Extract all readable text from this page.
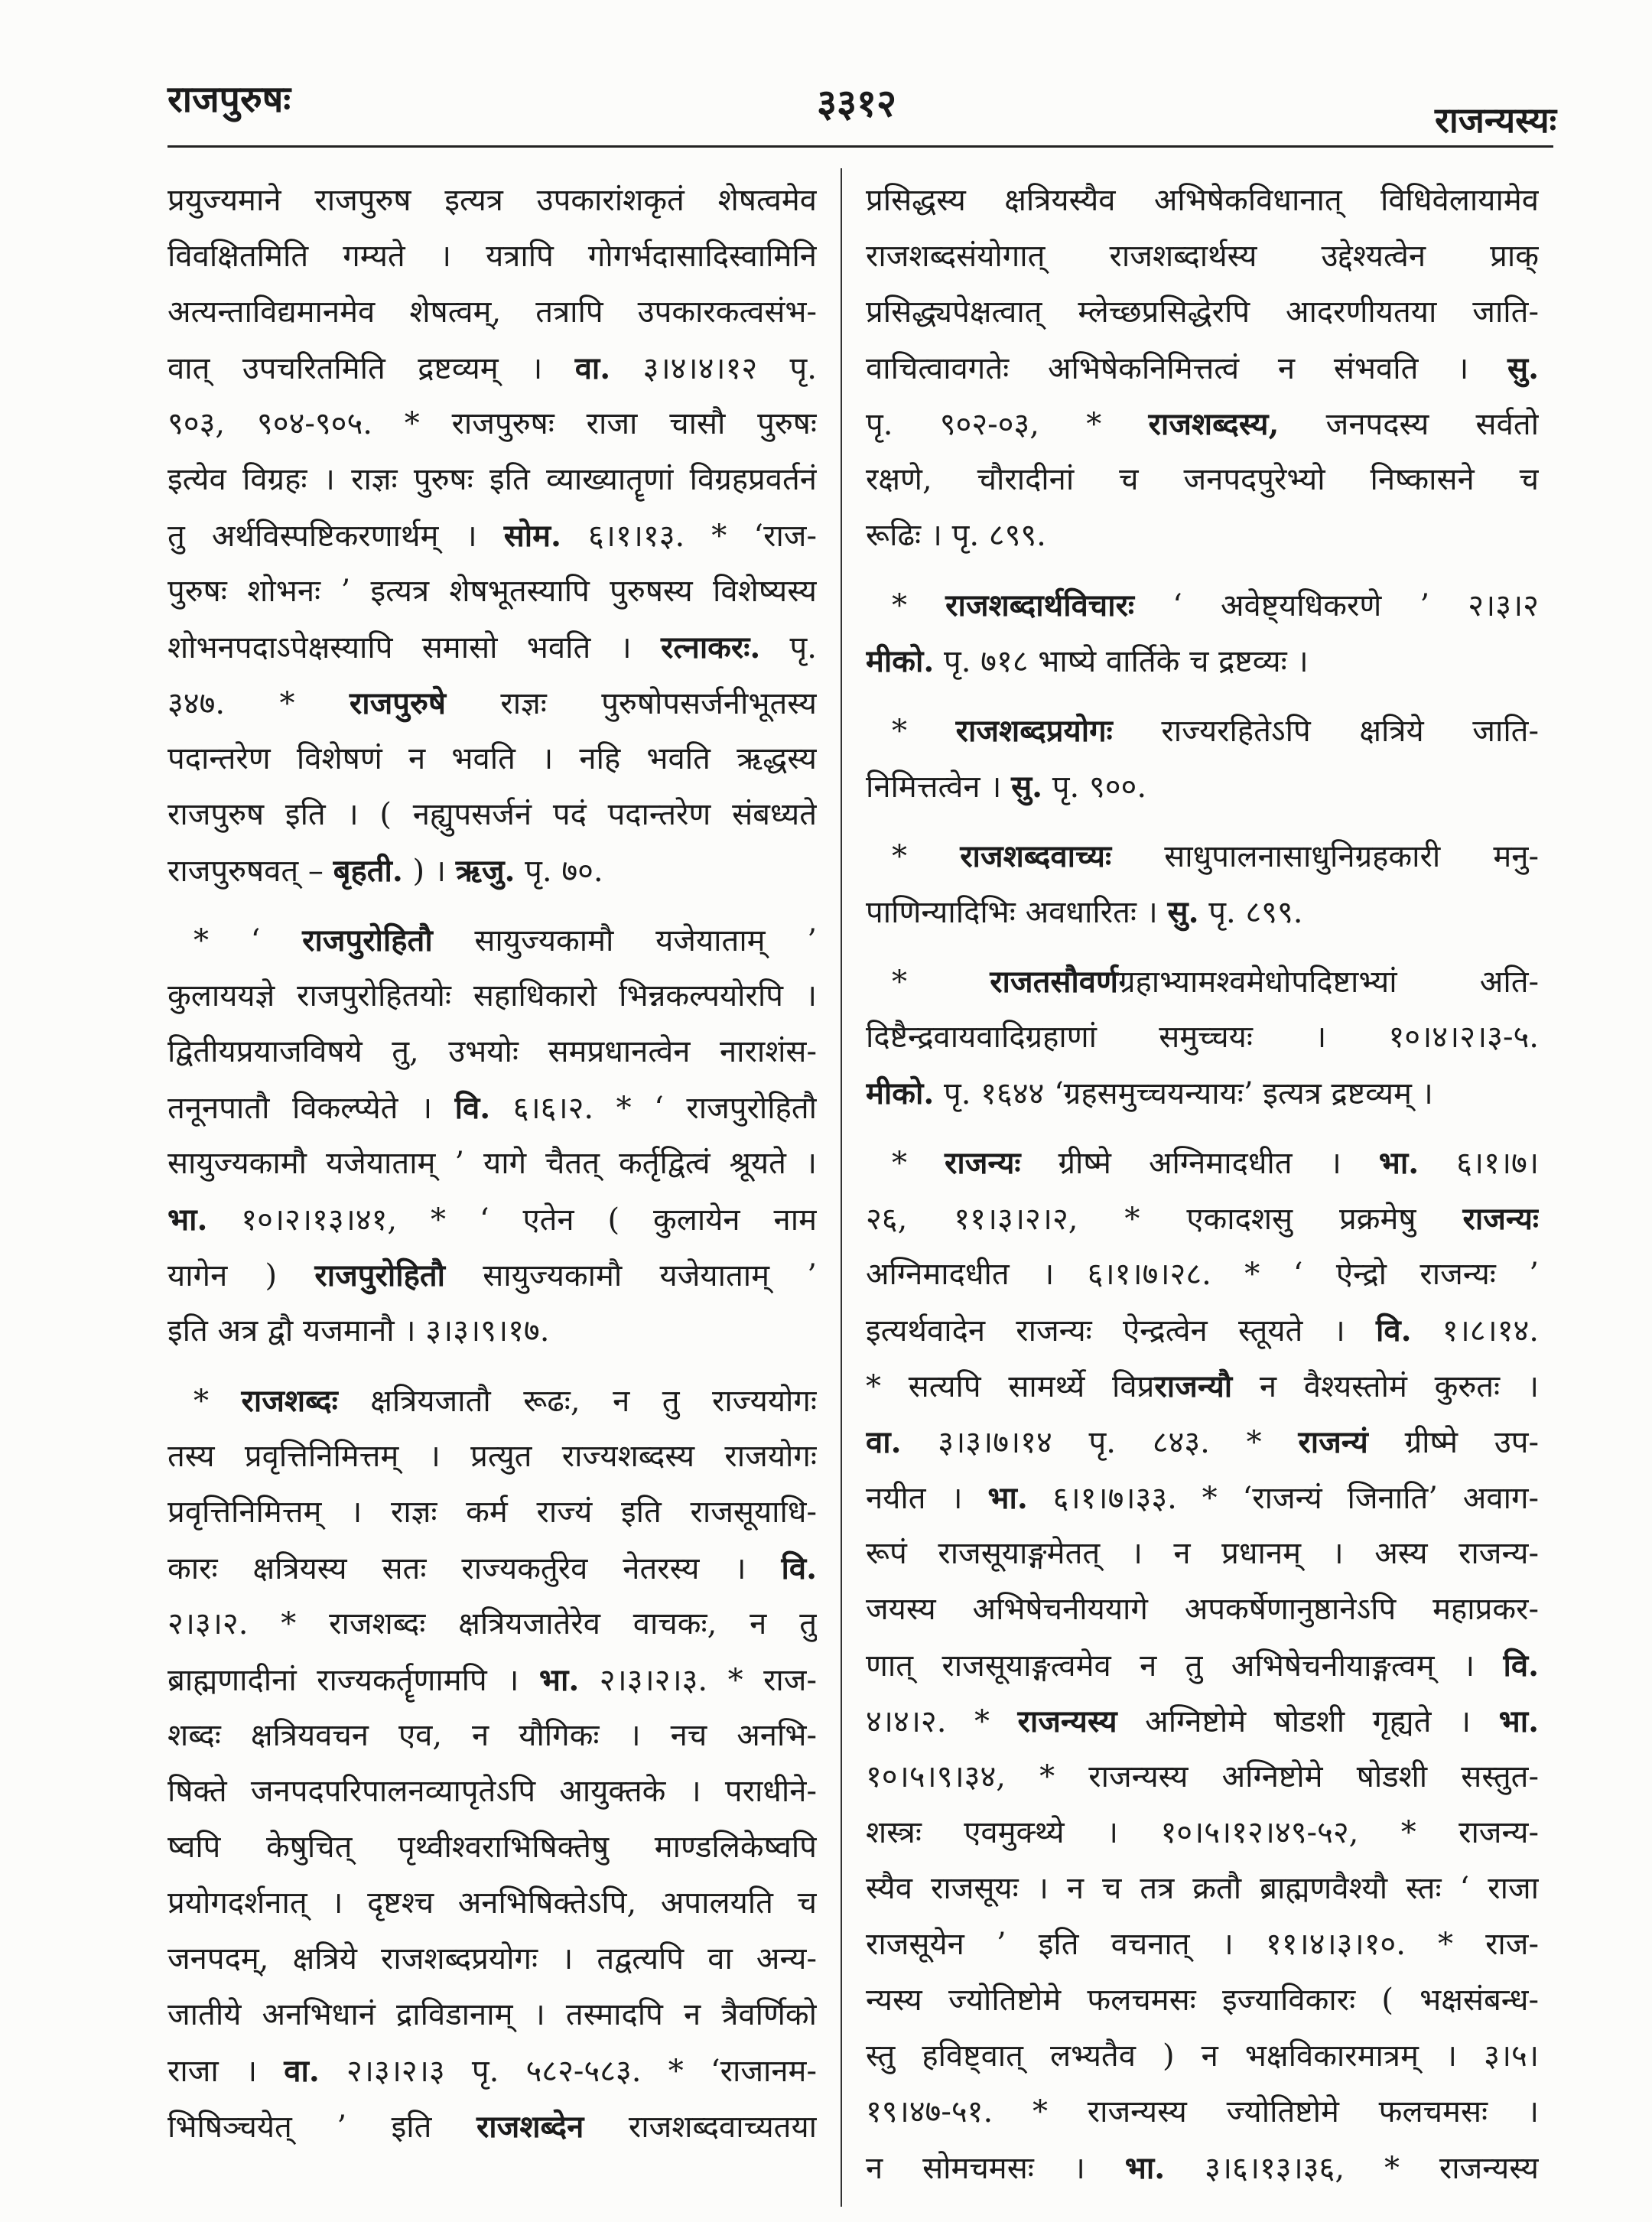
राजपुरुषः	३३१२	राजन्यस्यः
प्रयुज्यमाने राजपुरुष इत्यत्र उपकारांशकृतं शेषत्वमेव
विवक्षितमिति गम्यते । यत्रापि गोगर्भदासादिस्वामिनि
अत्यन्ताविद्यमानमेव शेषत्वम्, तत्रापि उपकारकत्वसंभ-
वात् उपचरितमिति द्रष्टव्यम् । वा. ३।४।४।१२ पृ.
९०३, ९०४-९०५. * राजपुरुषः राजा चासौ पुरुषः
इत्येव विग्रहः । राज्ञः पुरुषः इति व्याख्यातॄणां विग्रहप्रवर्तनं
तु अर्थविस्पष्टिकरणार्थम् । सोम. ६।१।१३. * ‘राज-
पुरुषः शोभनः ’ इत्यत्र शेषभूतस्यापि पुरुषस्य विशेष्यस्य
शोभनपदाऽपेक्षस्यापि समासो भवति । रत्नाकरः. पृ.
३४७. * राजपुरुषे राज्ञः पुरुषोपसर्जनीभूतस्य
पदान्तरेण विशेषणं न भवति । नहि भवति ऋद्धस्य
राजपुरुष इति । ( नह्युपसर्जनं पदं पदान्तरेण संबध्यते
राजपुरुषवत् – बृहती. ) । ऋजु. पृ. ७०.
* ‘ राजपुरोहितौ सायुज्यकामौ यजेयाताम् ’
कुलाययज्ञे राजपुरोहितयोः सहाधिकारो भिन्नकल्पयोरपि ।
द्वितीयप्रयाजविषये तु, उभयोः समप्रधानत्वेन नाराशंस-
तनूनपातौ विकल्प्येते । वि. ६।६।२. * ‘ राजपुरोहितौ
सायुज्यकामौ यजेयाताम् ’ यागे चैतत् कर्तृद्वित्वं श्रूयते ।
भा. १०।२।१३।४१, * ‘ एतेन ( कुलायेन नाम
यागेन ) राजपुरोहितौ सायुज्यकामौ यजेयाताम् ’
इति अत्र द्वौ यजमानौ । ३।३।९।१७.
* राजशब्दः क्षत्रियजातौ रूढः, न तु राज्ययोगः
तस्य प्रवृत्तिनिमित्तम् । प्रत्युत राज्यशब्दस्य राजयोगः
प्रवृत्तिनिमित्तम् । राज्ञः कर्म राज्यं इति राजसूयाधि-
कारः क्षत्रियस्य सतः राज्यकर्तुरेव नेतरस्य । वि.
२।३।२. * राजशब्दः क्षत्रियजातेरेव वाचकः, न तु
ब्राह्मणादीनां राज्यकर्तॄणामपि । भा. २।३।२।३. * राज-
शब्दः क्षत्रियवचन एव, न यौगिकः । नच अनभि-
षिक्ते जनपदपरिपालनव्यापृतेऽपि आयुक्तके । पराधीने-
ष्वपि केषुचित् पृथ्वीश्वराभिषिक्तेषु माण्डलिकेष्वपि
प्रयोगदर्शनात् । दृष्टश्च अनभिषिक्तेऽपि, अपालयति च
जनपदम्, क्षत्रिये राजशब्दप्रयोगः । तद्वत्यपि वा अन्य-
जातीये अनभिधानं द्राविडानाम् । तस्मादपि न त्रैवर्णिको
राजा । वा. २।३।२।३ पृ. ५८२-५८३. * ‘राजानम-
भिषिञ्चयेत् ’ इति राजशब्देन राजशब्दवाच्यतया
प्रसिद्धस्य क्षत्रियस्यैव अभिषेकविधानात् विधिवेलायामेव
राजशब्दसंयोगात् राजशब्दार्थस्य उद्देश्यत्वेन प्राक्
प्रसिद्ध्यपेक्षत्वात् म्लेच्छप्रसिद्धेरपि आदरणीयतया जाति-
वाचित्वावगतेः अभिषेकनिमित्तत्वं न संभवति । सु.
पृ. ९०२-०३, * राजशब्दस्य, जनपदस्य सर्वतो
रक्षणे, चौरादीनां च जनपदपुरेभ्यो निष्कासने च
रूढिः । पृ. ८९९.
* राजशब्दार्थविचारः ‘ अवेष्ट्यधिकरणे ’ २।३।२
मीको. पृ. ७१८ भाष्ये वार्तिके च द्रष्टव्यः ।
* राजशब्दप्रयोगः राज्यरहितेऽपि क्षत्रिये जाति-
निमित्तत्वेन । सु. पृ. ९००.
* राजशब्दवाच्यः साधुपालनासाधुनिग्रहकारी मनु-
पाणिन्यादिभिः अवधारितः । सु. पृ. ८९९.
* राजतसौवर्णग्रहाभ्यामश्वमेधोपदिष्टाभ्यां अति-
दिष्टैन्द्रवायवादिग्रहाणां समुच्चयः । १०।४।२।३-५.
मीको. पृ. १६४४ ‘ग्रहसमुच्चयन्यायः’ इत्यत्र द्रष्टव्यम् ।
* राजन्यः ग्रीष्मे अग्निमादधीत । भा. ६।१।७।
२६, ११।३।२।२, * एकादशसु प्रक्रमेषु राजन्यः
अग्निमादधीत । ६।१।७।२८. * ‘ ऐन्द्रो राजन्यः ’
इत्यर्थवादेन राजन्यः ऐन्द्रत्वेन स्तूयते । वि. १।८।१४.
* सत्यपि सामर्थ्ये विप्रराजन्यौ न वैश्यस्तोमं कुरुतः ।
वा. ३।३।७।१४ पृ. ८४३. * राजन्यं ग्रीष्मे उप-
नयीत । भा. ६।१।७।३३. * ‘राजन्यं जिनाति’ अवाग-
रूपं राजसूयाङ्गमेतत् । न प्रधानम् । अस्य राजन्य-
जयस्य अभिषेचनीययागे अपकर्षेणानुष्ठानेऽपि महाप्रकर-
णात् राजसूयाङ्गत्वमेव न तु अभिषेचनीयाङ्गत्वम् । वि.
४।४।२. * राजन्यस्य अग्निष्टोमे षोडशी गृह्यते । भा.
१०।५।९।३४, * राजन्यस्य अग्निष्टोमे षोडशी सस्तुत-
शस्त्रः एवमुक्थ्ये । १०।५।१२।४९-५२, * राजन्य-
स्यैव राजसूयः । न च तत्र क्रतौ ब्राह्मणवैश्यौ स्तः ‘ राजा
राजसूयेन ’ इति वचनात् । ११।४।३।१०. * राज-
न्यस्य ज्योतिष्टोमे फलचमसः इज्याविकारः ( भक्षसंबन्ध-
स्तु हविष्ट्वात् लभ्यतैव ) न भक्षविकारमात्रम् । ३।५।
१९।४७-५१. * राजन्यस्य ज्योतिष्टोमे फलचमसः ।
न सोमचमसः । भा. ३।६।१३।३६, * राजन्यस्य
